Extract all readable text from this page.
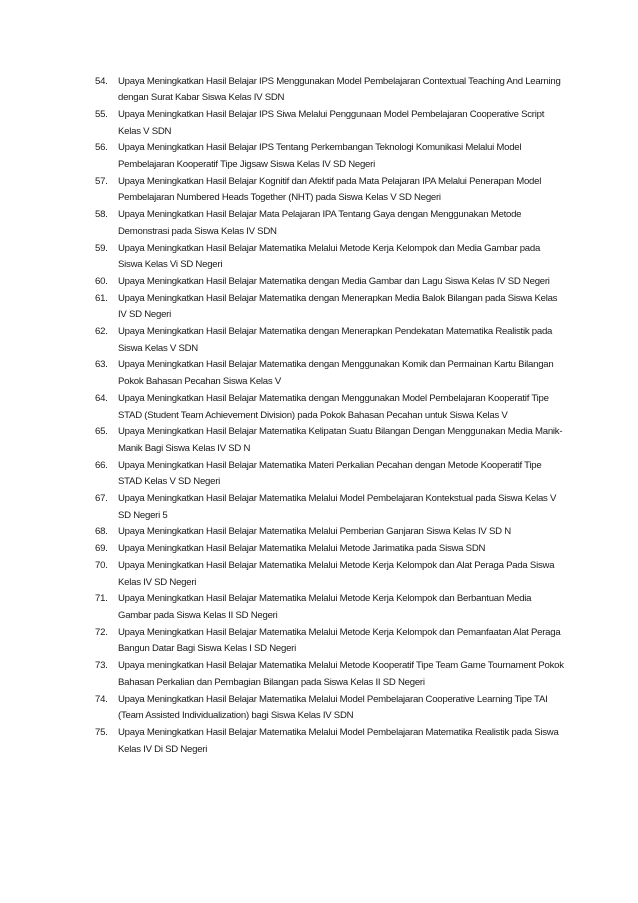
54.	Upaya Meningkatkan Hasil Belajar IPS Menggunakan Model Pembelajaran Contextual Teaching And Learning dengan Surat Kabar Siswa Kelas IV SDN
55.	Upaya Meningkatkan Hasil Belajar IPS Siwa Melalui Penggunaan Model Pembelajaran Cooperative Script Kelas V SDN
56.	Upaya Meningkatkan Hasil Belajar IPS Tentang Perkembangan Teknologi Komunikasi Melalui Model Pembelajaran Kooperatif Tipe Jigsaw Siswa Kelas IV SD Negeri
57.	Upaya Meningkatkan Hasil Belajar Kognitif dan Afektif pada Mata Pelajaran IPA Melalui Penerapan Model Pembelajaran Numbered Heads Together (NHT) pada Siswa Kelas V SD Negeri
58.	Upaya Meningkatkan Hasil Belajar Mata Pelajaran IPA Tentang Gaya dengan Menggunakan Metode Demonstrasi pada Siswa Kelas IV SDN
59.	Upaya Meningkatkan Hasil Belajar Matematika Melalui Metode Kerja Kelompok dan Media Gambar pada Siswa Kelas Vi SD Negeri
60.	Upaya Meningkatkan Hasil Belajar Matematika dengan Media Gambar dan Lagu Siswa Kelas IV SD Negeri
61.	Upaya Meningkatkan Hasil Belajar Matematika dengan Menerapkan Media Balok Bilangan pada Siswa Kelas IV SD Negeri
62.	Upaya Meningkatkan Hasil Belajar Matematika dengan Menerapkan Pendekatan Matematika Realistik pada Siswa Kelas V SDN
63.	Upaya Meningkatkan Hasil Belajar Matematika dengan Menggunakan Komik dan Permainan Kartu Bilangan Pokok Bahasan Pecahan Siswa Kelas V
64.	Upaya Meningkatkan Hasil Belajar Matematika dengan Menggunakan Model Pembelajaran Kooperatif Tipe STAD (Student Team Achievement Division) pada Pokok Bahasan Pecahan untuk Siswa Kelas V
65.	Upaya Meningkatkan Hasil Belajar Matematika Kelipatan Suatu Bilangan Dengan Menggunakan Media Manik-Manik Bagi Siswa Kelas IV SD N
66.	Upaya Meningkatkan Hasil Belajar Matematika Materi Perkalian Pecahan dengan Metode Kooperatif Tipe STAD Kelas V SD Negeri
67.	Upaya Meningkatkan Hasil Belajar Matematika Melalui Model Pembelajaran Kontekstual pada Siswa Kelas V SD Negeri 5
68.	Upaya Meningkatkan Hasil Belajar Matematika Melalui Pemberian Ganjaran Siswa Kelas IV SD N
69.	Upaya Meningkatkan Hasil Belajar Matematika Melalui Metode Jarimatika pada Siswa SDN
70.	Upaya Meningkatkan Hasil Belajar Matematika Melalui Metode Kerja Kelompok dan Alat Peraga Pada Siswa Kelas IV SD Negeri
71.	Upaya Meningkatkan Hasil Belajar Matematika Melalui Metode Kerja Kelompok dan Berbantuan Media Gambar pada Siswa Kelas II SD Negeri
72.	Upaya Meningkatkan Hasil Belajar Matematika Melalui Metode Kerja Kelompok dan Pemanfaatan Alat Peraga Bangun Datar Bagi Siswa Kelas I SD Negeri
73.	Upaya meningkatkan Hasil Belajar Matematika Melalui Metode Kooperatif Tipe Team Game Tournament Pokok Bahasan Perkalian dan Pembagian Bilangan pada Siswa Kelas II SD Negeri
74.	Upaya Meningkatkan Hasil Belajar Matematika Melalui Model Pembelajaran Cooperative Learning Tipe TAI (Team Assisted Individualization) bagi Siswa Kelas IV SDN
75.	Upaya Meningkatkan Hasil Belajar Matematika Melalui Model Pembelajaran Matematika Realistik pada Siswa Kelas IV Di SD Negeri
